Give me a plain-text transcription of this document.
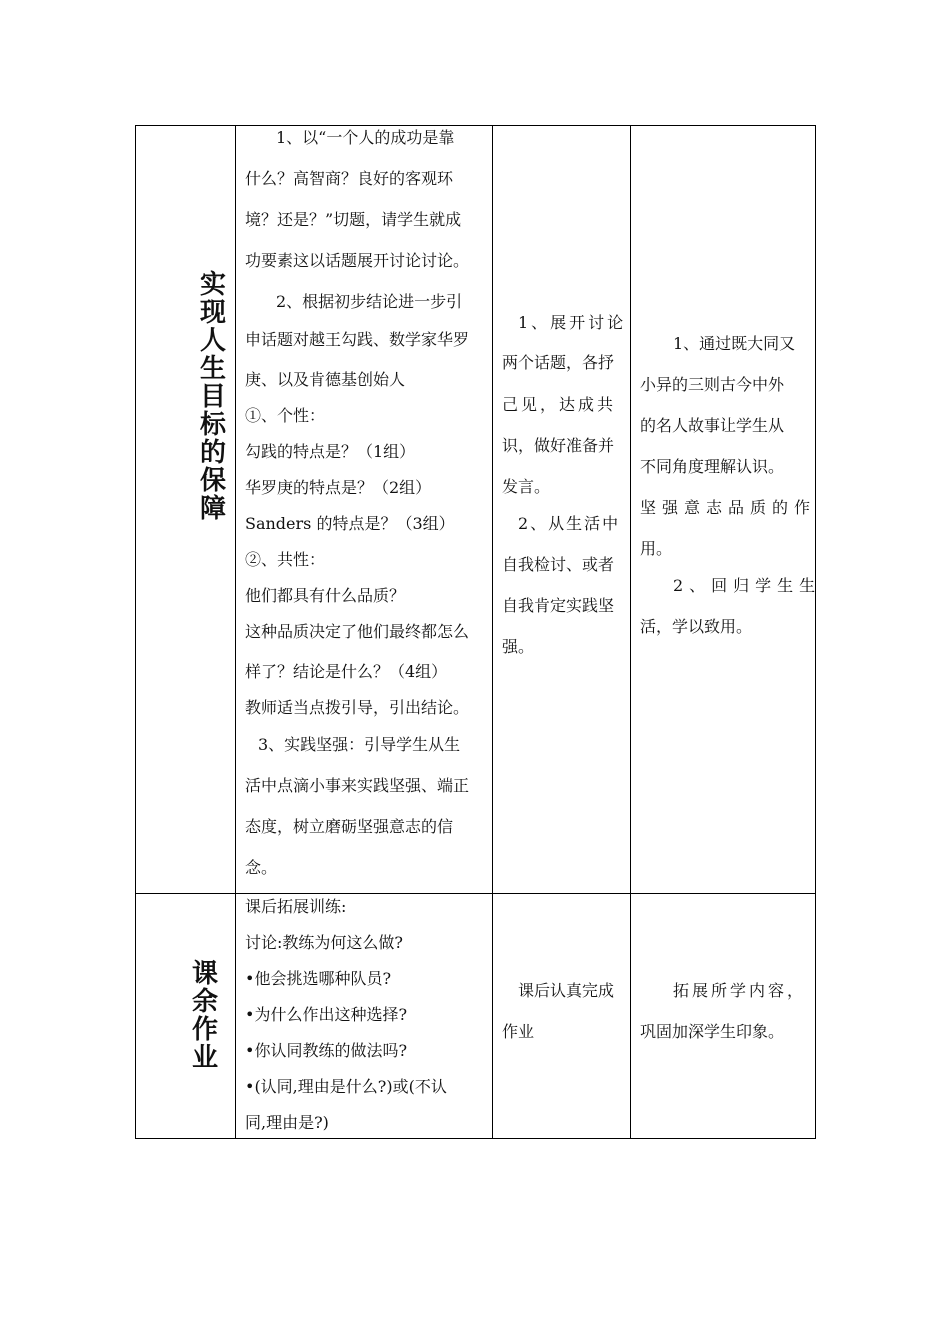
实
现
人
生
目
标
的
保
障
1、以“一个人的成功是靠
什么？高智商？良好的客观环
境？还是？”切题，请学生就成
功要素这以话题展开讨论讨论。
2、根据初步结论进一步引
申话题对越王勾践、数学家华罗
庚、以及肯德基创始人
①、个性：
勾践的特点是？（1组）
华罗庚的特点是？（2组）
Sanders 的特点是？（3组）
②、共性：
他们都具有什么品质？
这种品质决定了他们最终都怎么
样了？结论是什么？（4组）
教师适当点拨引导，引出结论。
3、实践坚强：引导学生从生
活中点滴小事来实践坚强、端正
态度，树立磨砺坚强意志的信
念。
1、展开讨论
两个话题，各抒
己见，达成共
识，做好准备并
发言。
2、从生活中
自我检讨、或者
自我肯定实践坚
强。
1、通过既大同又
小异的三则古今中外
的名人故事让学生从
不同角度理解认识。
坚强意志品质的作
用。
2、回归学生生
活，学以致用。
课
余
作
业
课后拓展训练:
讨论:教练为何这么做?
•他会挑选哪种队员?
•为什么作出这种选择?
•你认同教练的做法吗?
•(认同,理由是什么?)或(不认
同,理由是?)
课后认真完成
作业
拓展所学内容，
巩固加深学生印象。
